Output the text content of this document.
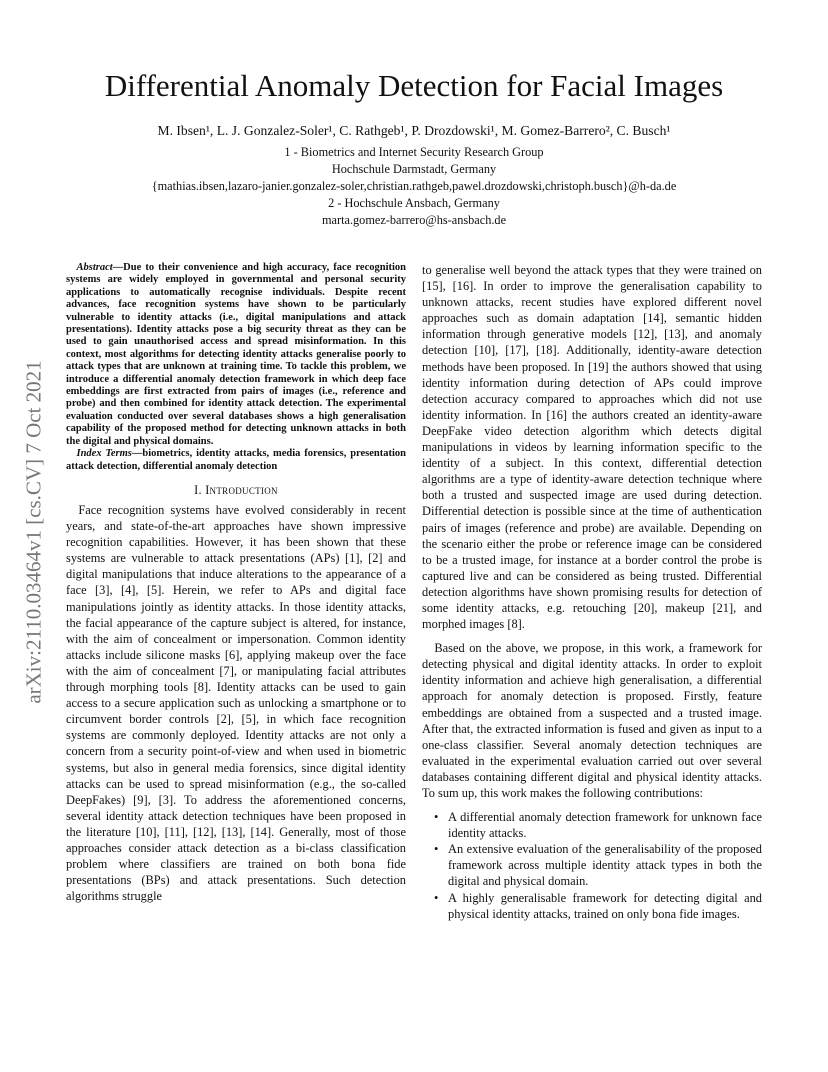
arXiv:2110.03464v1 [cs.CV] 7 Oct 2021
Differential Anomaly Detection for Facial Images
M. Ibsen¹, L. J. Gonzalez-Soler¹, C. Rathgeb¹, P. Drozdowski¹, M. Gomez-Barrero², C. Busch¹
1 - Biometrics and Internet Security Research Group
Hochschule Darmstadt, Germany
{mathias.ibsen,lazaro-janier.gonzalez-soler,christian.rathgeb,pawel.drozdowski,christoph.busch}@h-da.de
2 - Hochschule Ansbach, Germany
marta.gomez-barrero@hs-ansbach.de

Abstract—Due to their convenience and high accuracy, face recognition systems are widely employed in governmental and personal security applications to automatically recognise individuals. Despite recent advances, face recognition systems have shown to be particularly vulnerable to identity attacks (i.e., digital manipulations and attack presentations). Identity attacks pose a big security threat as they can be used to gain unauthorised access and spread misinformation. In this context, most algorithms for detecting identity attacks generalise poorly to attack types that are unknown at training time. To tackle this problem, we introduce a differential anomaly detection framework in which deep face embeddings are first extracted from pairs of images (i.e., reference and probe) and then combined for identity attack detection. The experimental evaluation conducted over several databases shows a high generalisation capability of the proposed method for detecting unknown attacks in both the digital and physical domains.

Index Terms—biometrics, identity attacks, media forensics, presentation attack detection, differential anomaly detection

I. Introduction

Face recognition systems have evolved considerably in recent years, and state-of-the-art approaches have shown impressive recognition capabilities. However, it has been shown that these systems are vulnerable to attack presentations (APs) [1], [2] and digital manipulations that induce alterations to the appearance of a face [3], [4], [5]. Herein, we refer to APs and digital face manipulations jointly as identity attacks. In those identity attacks, the facial appearance of the capture subject is altered, for instance, with the aim of concealment or impersonation. Common identity attacks include silicone masks [6], applying makeup over the face with the aim of concealment [7], or manipulating facial attributes through morphing tools [8]. Identity attacks can be used to gain access to a secure application such as unlocking a smartphone or to circumvent border controls [2], [5], in which face recognition systems are commonly deployed. Identity attacks are not only a concern from a security point-of-view and when used in biometric systems, but also in general media forensics, since digital identity attacks can be used to spread misinformation (e.g., the so-called DeepFakes) [9], [3]. To address the aforementioned concerns, several identity attack detection techniques have been proposed in the literature [10], [11], [12], [13], [14]. Generally, most of those approaches consider attack detection as a bi-class classification problem where classifiers are trained on both bona fide presentations (BPs) and attack presentations. Such detection algorithms struggle

to generalise well beyond the attack types that they were trained on [15], [16]. In order to improve the generalisation capability to unknown attacks, recent studies have explored different novel approaches such as domain adaptation [14], semantic hidden information through generative models [12], [13], and anomaly detection [10], [17], [18]. Additionally, identity-aware detection methods have been proposed. In [19] the authors showed that using identity information during detection of APs could improve detection accuracy compared to approaches which did not use identity information. In [16] the authors created an identity-aware DeepFake video detection algorithm which detects digital manipulations in videos by learning information specific to the identity of a subject. In this context, differential detection algorithms are a type of identity-aware detection technique where both a trusted and suspected image are used during detection. Differential detection is possible since at the time of authentication pairs of images (reference and probe) are available. Depending on the scenario either the probe or reference image can be considered to be a trusted image, for instance at a border control the probe is captured live and can be considered as being trusted. Differential detection algorithms have shown promising results for detection of some identity attacks, e.g. retouching [20], makeup [21], and morphed images [8].

Based on the above, we propose, in this work, a framework for detecting physical and digital identity attacks. In order to exploit identity information and achieve high generalisation, a differential approach for anomaly detection is proposed. Firstly, feature embeddings are obtained from a suspected and a trusted image. After that, the extracted information is fused and given as input to a one-class classifier. Several anomaly detection techniques are evaluated in the experimental evaluation carried out over several databases containing different digital and physical identity attacks. To sum up, this work makes the following contributions:

• A differential anomaly detection framework for unknown face identity attacks.
• An extensive evaluation of the generalisability of the proposed framework across multiple identity attack types in both the digital and physical domain.
• A highly generalisable framework for detecting digital and physical identity attacks, trained on only bona fide images.
